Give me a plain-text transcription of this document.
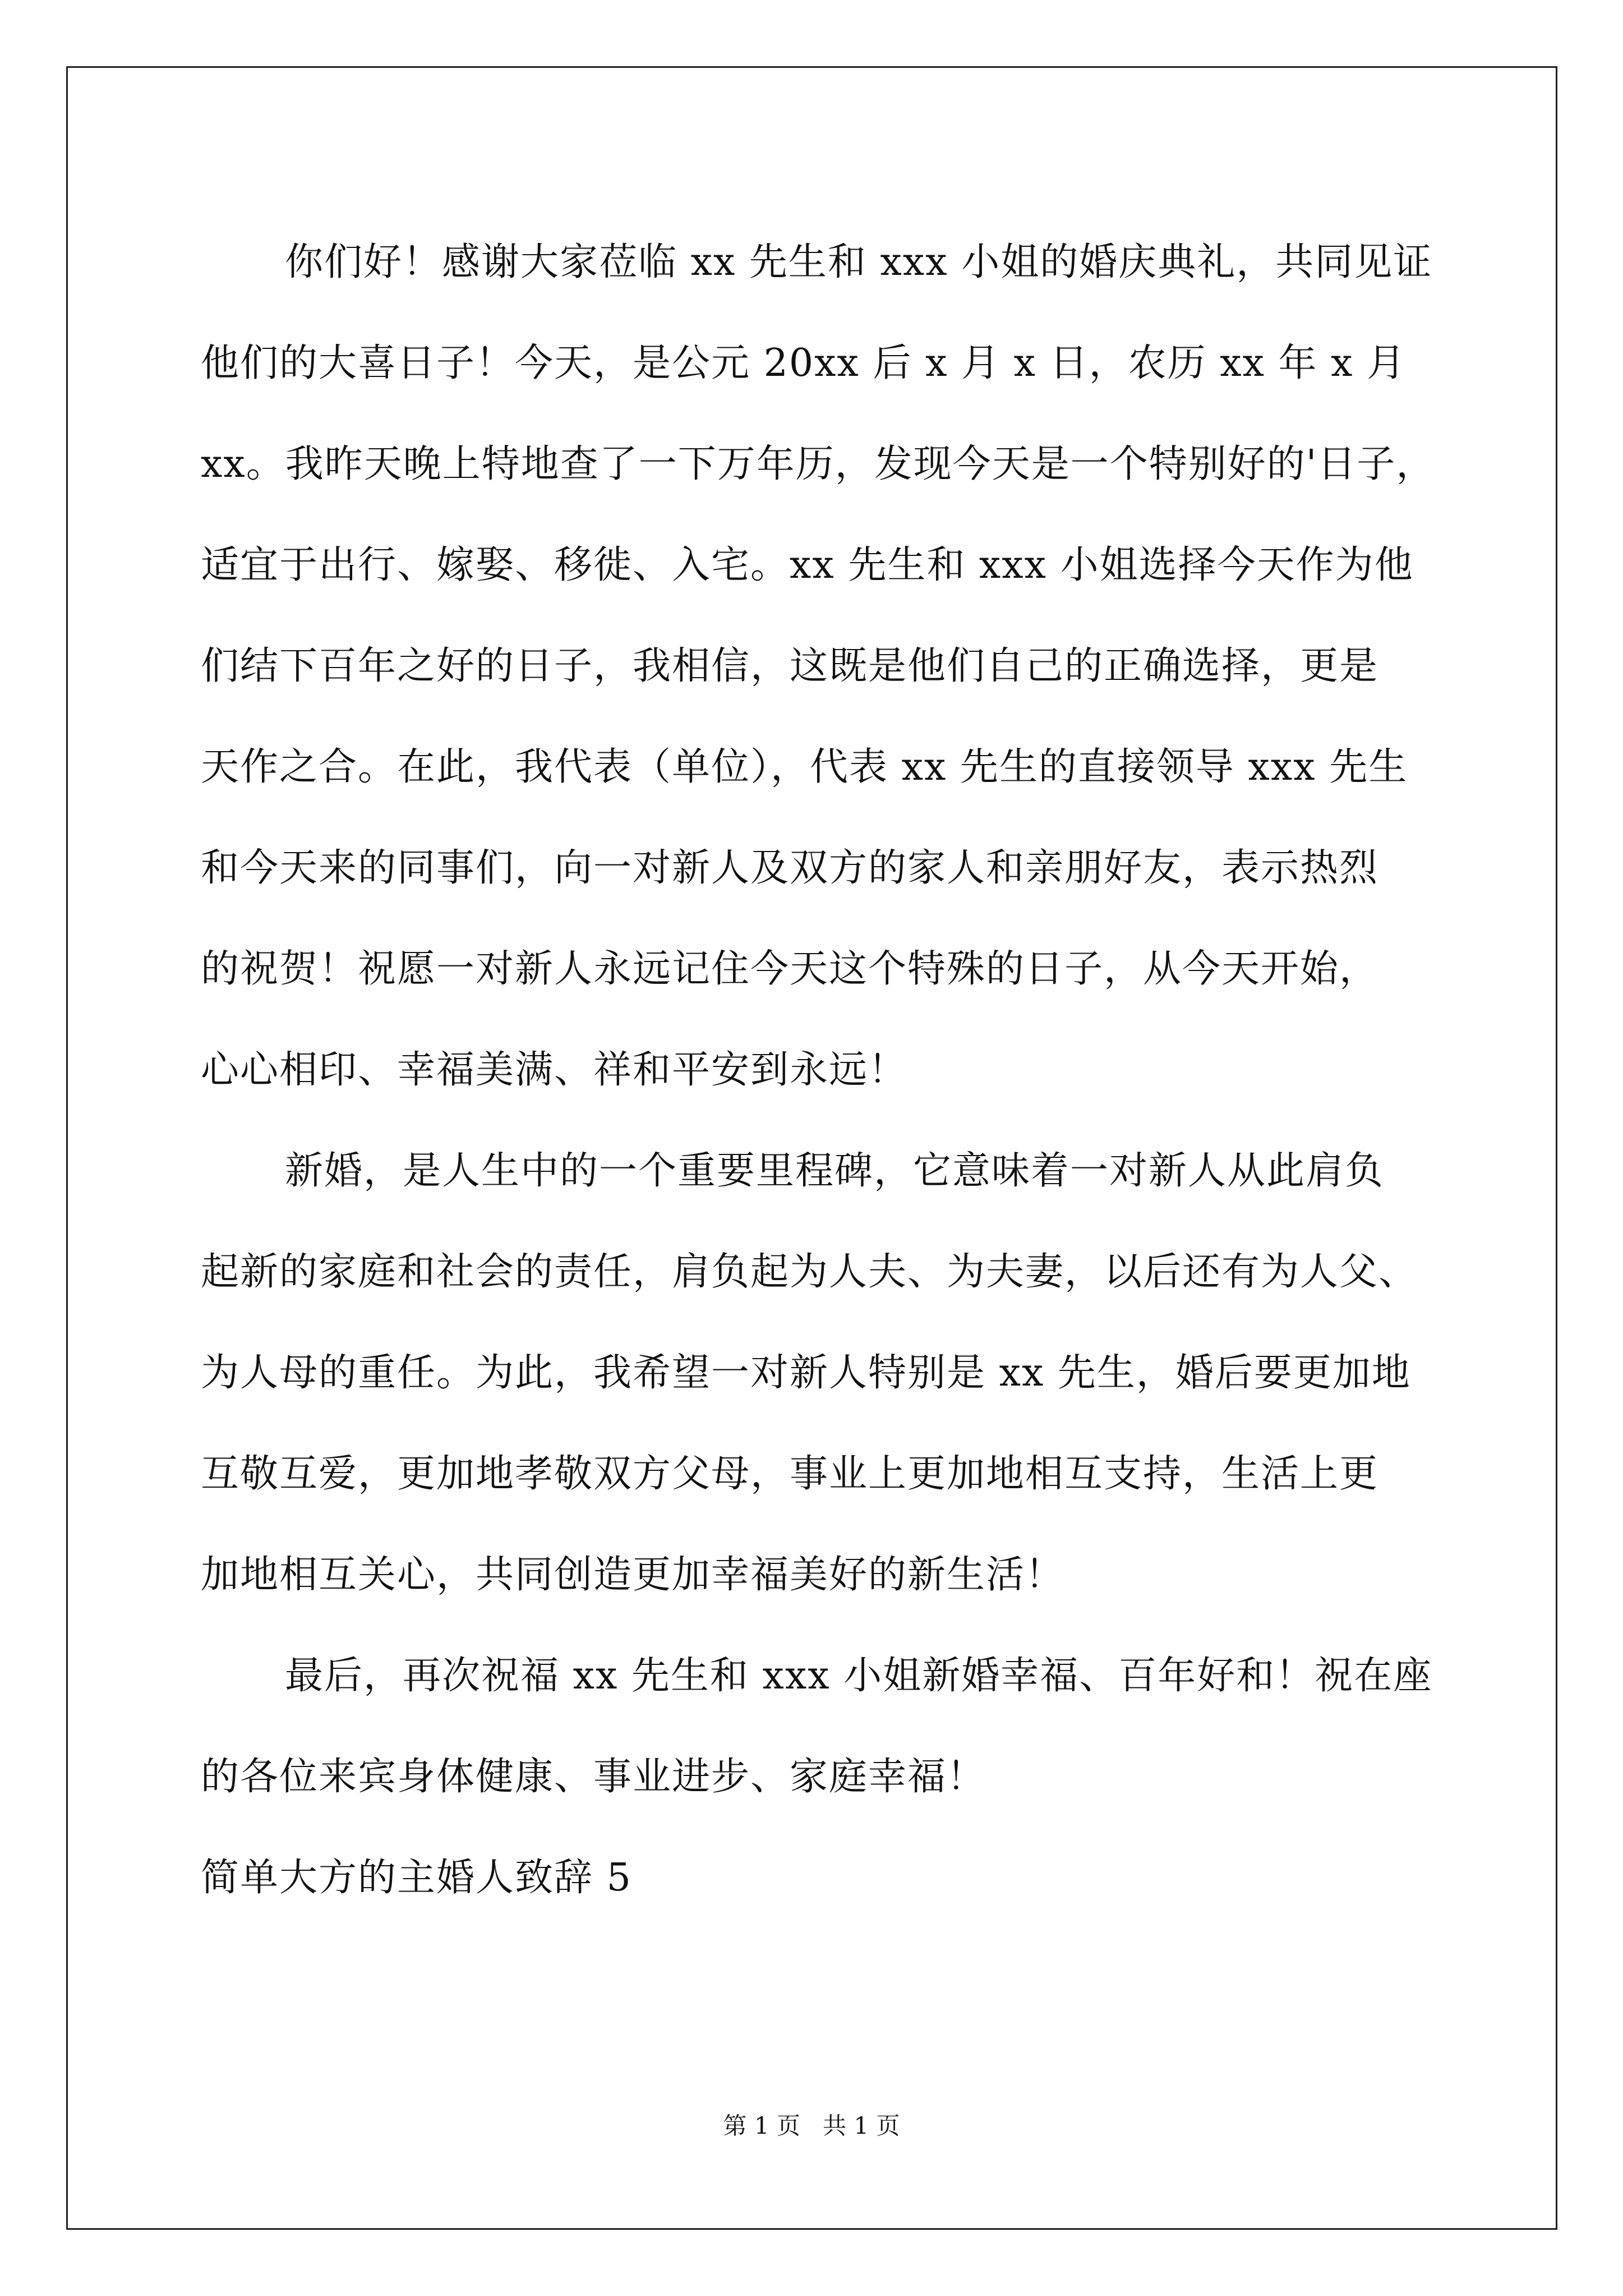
你们好！感谢大家莅临 xx 先生和 xxx 小姐的婚庆典礼，共同见证
他们的大喜日子！今天，是公元 20xx 后 x 月 x 日，农历 xx 年 x 月
xx。我昨天晚上特地查了一下万年历，发现今天是一个特别好的'日子，
适宜于出行、嫁娶、移徙、入宅。xx 先生和 xxx 小姐选择今天作为他
们结下百年之好的日子，我相信，这既是他们自己的正确选择，更是
天作之合。在此，我代表（单位），代表 xx 先生的直接领导 xxx 先生
和今天来的同事们，向一对新人及双方的家人和亲朋好友，表示热烈
的祝贺！祝愿一对新人永远记住今天这个特殊的日子，从今天开始，
心心相印、幸福美满、祥和平安到永远！
新婚，是人生中的一个重要里程碑，它意味着一对新人从此肩负
起新的家庭和社会的责任，肩负起为人夫、为夫妻，以后还有为人父、
为人母的重任。为此，我希望一对新人特别是 xx 先生，婚后要更加地
互敬互爱，更加地孝敬双方父母，事业上更加地相互支持，生活上更
加地相互关心，共同创造更加幸福美好的新生活！
最后，再次祝福 xx 先生和 xxx 小姐新婚幸福、百年好和！祝在座
的各位来宾身体健康、事业进步、家庭幸福！
简单大方的主婚人致辞 5
第 1 页   共 1 页
